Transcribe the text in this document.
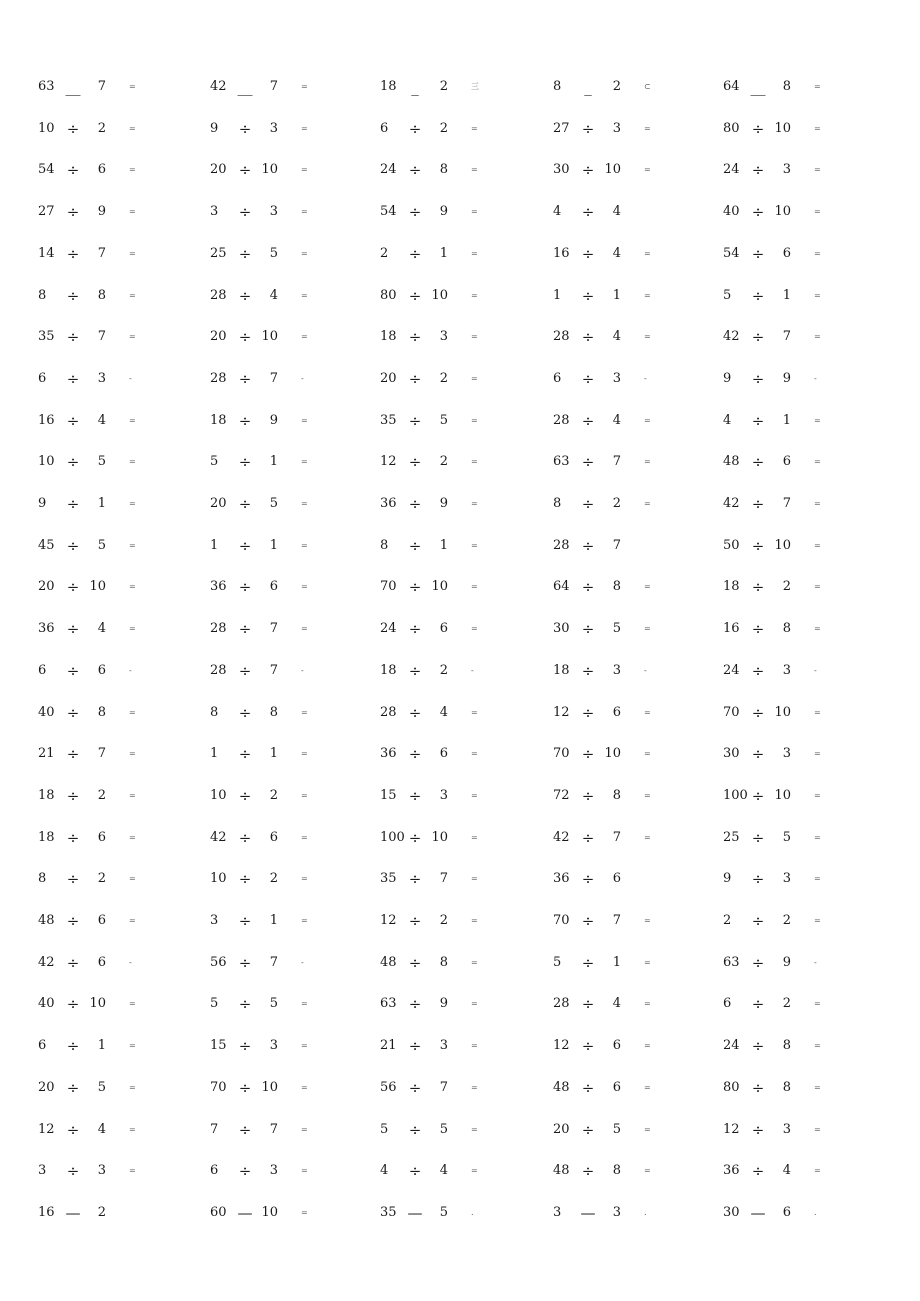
63 __	7	=	42 __	7	=	18 _	2	三	8 _	2	⊂	64 __	8	=
10 ÷	2	=	9 ÷	3	=	6 ÷	2	=	27 ÷	3	=	80 ÷ 10	=
54 ÷	6	=	20 ÷ 10	=	24 ÷	8	=	30 ÷ 10	=	24 ÷	3	=
27 ÷	9	=	3 ÷	3	=	54 ÷	9	=	4 ÷	4	40 ÷ 10	=
14 ÷	7	=	25 ÷	5	=	2 ÷	1	=	16 ÷	4	=	54 ÷	6	=
8 ÷	8	=	28 ÷	4	=	80 ÷ 10	=	1 ÷	1	=	5 ÷	1	=
35 ÷	7	=	20 ÷ 10	=	18 ÷	3	=	28 ÷	4	=	42 ÷	7	=
6 ÷	3	-	28 ÷	7	-	20 ÷	2	=	6 ÷	3	-	9 ÷	9	-
16 ÷	4	=	18 ÷	9	=	35 ÷	5	=	28 ÷	4	=	4 ÷	1	=
10 ÷	5	=	5 ÷	1	=	12 ÷	2	=	63 ÷	7	=	48 ÷	6	=
9 ÷	1	=	20 ÷	5	=	36 ÷	9	=	8 ÷	2	=	42 ÷	7	=
45 ÷	5	=	1 ÷	1	=	8 ÷	1	=	28 ÷	7	50 ÷ 10	=
20 ÷ 10	=	36 ÷	6	=	70 ÷ 10	=	64 ÷	8	=	18 ÷	2	=
36 ÷	4	=	28 ÷	7	=	24 ÷	6	=	30 ÷	5	=	16 ÷	8	=
6 ÷	6	-	28 ÷	7	-	18 ÷	2	-	18 ÷	3	-	24 ÷	3	-
40 ÷	8	=	8 ÷	8	=	28 ÷	4	=	12 ÷	6	=	70 ÷ 10	=
21 ÷	7	=	1 ÷	1	=	36 ÷	6	=	70 ÷ 10	=	30 ÷	3	=
18 ÷	2	=	10 ÷	2	=	15 ÷	3	=	72 ÷	8	=	100 ÷ 10	=
18 ÷	6	=	42 ÷	6	=	100 ÷ 10	=	42 ÷	7	=	25 ÷	5	=
8 ÷	2	=	10 ÷	2	=	35 ÷	7	=	36 ÷	6	9 ÷	3	=
48 ÷	6	=	3 ÷	1	=	12 ÷	2	=	70 ÷	7	=	2 ÷	2	=
42 ÷	6	-	56 ÷	7	-	48 ÷	8	=	5 ÷	1	=	63 ÷	9	-
40 ÷ 10	=	5 ÷	5	=	63 ÷	9	=	28 ÷	4	=	6 ÷	2	=
6 ÷	1	=	15 ÷	3	=	21 ÷	3	=	12 ÷	6	=	24 ÷	8	=
20 ÷	5	=	70 ÷ 10	=	56 ÷	7	=	48 ÷	6	=	80 ÷	8	=
12 ÷	4	=	7 ÷	7	=	5 ÷	5	=	20 ÷	5	=	12 ÷	3	=
3 ÷	3	=	6 ÷	3	=	4 ÷	4	=	48 ÷	8	=	36 ÷	4	=
16 —	2	60 — 10	=	35 —	5	.	3 —	3	.	30 —	6	.
